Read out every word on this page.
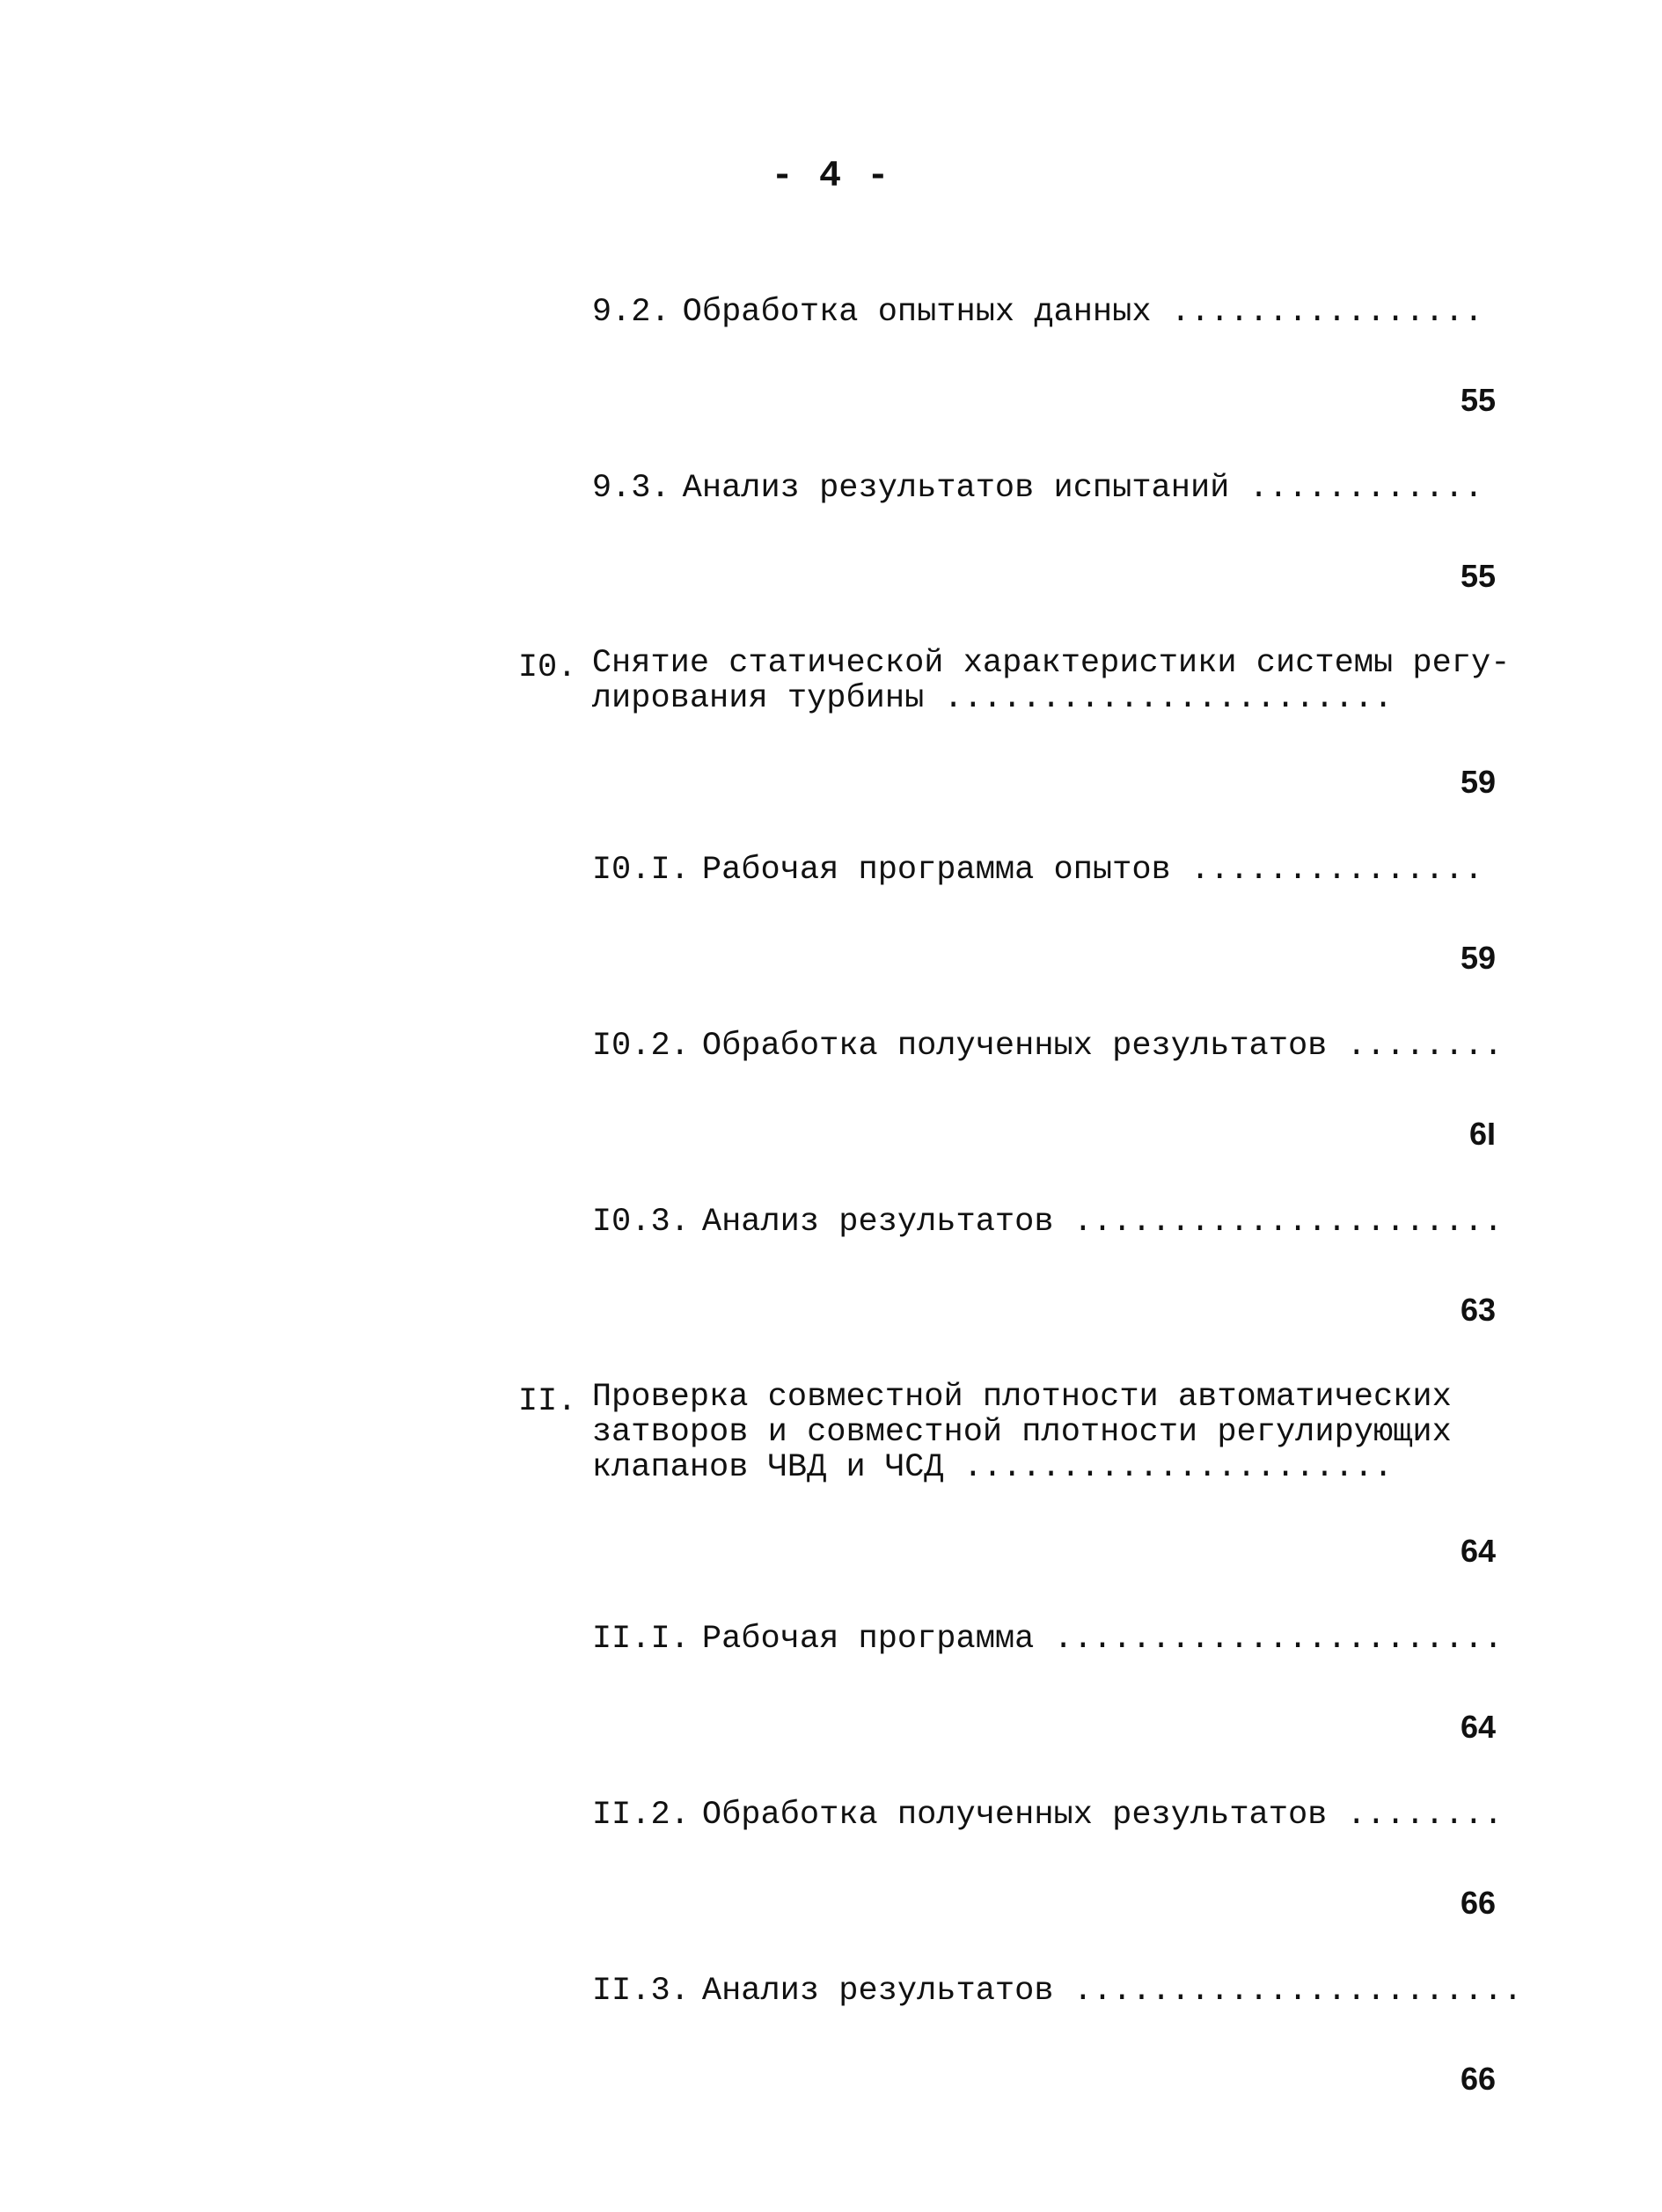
- 4 -

9.2. Обработка опытных данных ................

55

9.3. Анализ результатов испытаний ............

55

I0. Снятие статической характеристики системы регу-
лирования турбины .......................

59

I0.I. Рабочая программа опытов ...............

59

I0.2. Обработка полученных результатов ........

6I

I0.3. Анализ результатов ......................

63

II. Проверка совместной плотности автоматических
затворов и совместной плотности регулирующих
клапанов ЧВД и ЧСД ......................

64

II.I. Рабочая программа .......................

64

II.2. Обработка полученных результатов ........

66

II.3. Анализ результатов .......................

66
